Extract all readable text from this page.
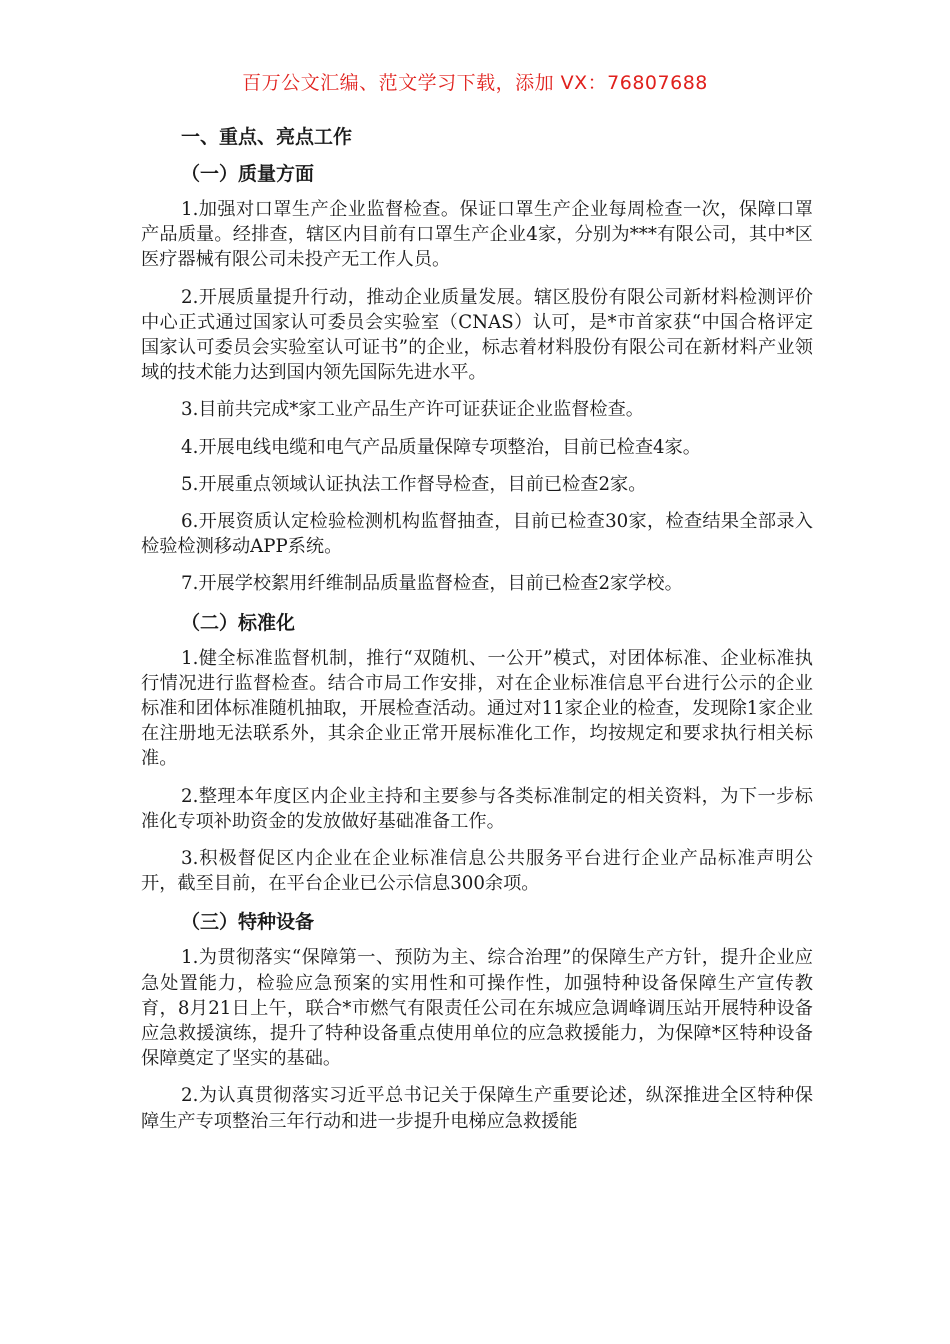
百万公文汇编、范文学习下载，添加 VX：76807688
一、重点、亮点工作
（一）质量方面

1.加强对口罩生产企业监督检查。保证口罩生产企业每周检查一次，保障口罩产品质量。经排查，辖区内目前有口罩生产企业4家，分别为***有限公司，其中*区医疗器械有限公司未投产无工作人员。

2.开展质量提升行动，推动企业质量发展。辖区股份有限公司新材料检测评价中心正式通过国家认可委员会实验室（CNAS）认可，是*市首家获“中国合格评定国家认可委员会实验室认可证书”的企业，标志着材料股份有限公司在新材料产业领域的技术能力达到国内领先国际先进水平。

3.目前共完成*家工业产品生产许可证获证企业监督检查。

4.开展电线电缆和电气产品质量保障专项整治，目前已检查4家。

5.开展重点领域认证执法工作督导检查，目前已检查2家。

6.开展资质认定检验检测机构监督抽查，目前已检查30家，检查结果全部录入检验检测移动APP系统。

7.开展学校絮用纤维制品质量监督检查，目前已检查2家学校。

（二）标准化

1.健全标准监督机制，推行“双随机、一公开”模式，对团体标准、企业标准执行情况进行监督检查。结合市局工作安排，对在企业标准信息平台进行公示的企业标准和团体标准随机抽取，开展检查活动。通过对11家企业的检查，发现除1家企业在注册地无法联系外，其余企业正常开展标准化工作，均按规定和要求执行相关标准。

2.整理本年度区内企业主持和主要参与各类标准制定的相关资料，为下一步标准化专项补助资金的发放做好基础准备工作。

3.积极督促区内企业在企业标准信息公共服务平台进行企业产品标准声明公开，截至目前，在平台企业已公示信息300余项。

（三）特种设备

1.为贯彻落实“保障第一、预防为主、综合治理”的保障生产方针，提升企业应急处置能力，检验应急预案的实用性和可操作性，加强特种设备保障生产宣传教育，8月21日上午，联合*市燃气有限责任公司在东城应急调峰调压站开展特种设备应急救援演练，提升了特种设备重点使用单位的应急救援能力，为保障*区特种设备保障奠定了坚实的基础。

2.为认真贯彻落实习近平总书记关于保障生产重要论述，纵深推进全区特种保障生产专项整治三年行动和进一步提升电梯应急救援能
